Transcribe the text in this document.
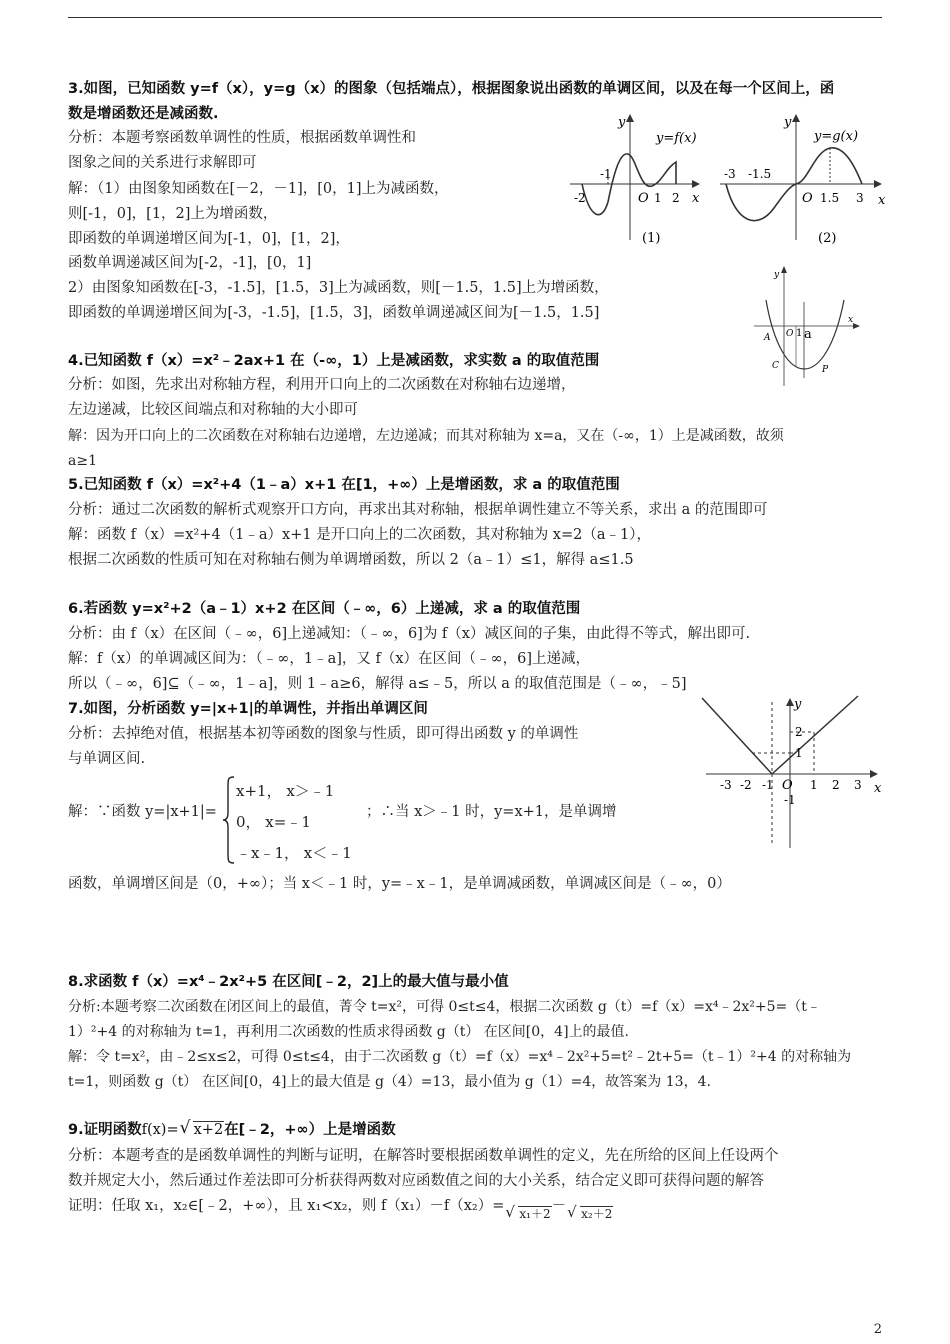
3.如图，已知函数 y=f（x），y=g（x）的图象（包括端点），根据图象说出函数的单调区间，以及在每一个区间上，函
数是增函数还是减函数.
分析：本题考察函数单调性的性质，根据函数单调性和
图象之间的关系进行求解即可
解：（1）由图象知函数在[－2，－1]，[0，1]上为减函数，
则[-1，0]，[1，2]上为增函数，
即函数的单调递增区间为[-1，0]，[1，2]，
函数单调递减区间为[-2，-1]，[0，1]
2）由图象知函数在[-3，-1.5]，[1.5，3]上为减函数，则[－1.5，1.5]上为增函数，
即函数的单调递增区间为[-3，-1.5]，[1.5，3]，函数单调递减区间为[－1.5，1.5]
y
y=f(x)
x
O
-1
-2	1 2
(1)
y
y=g(x)
x
O
-3 -1.5
1.5 3
(2)
y
x
O 1 a
A
C	P
4.已知函数 f（x）=x²﹣2ax+1 在（-∞，1）上是减函数，求实数 a 的取值范围
分析：如图，先求出对称轴方程，利用开口向上的二次函数在对称轴右边递增，
左边递减，比较区间端点和对称轴的大小即可
解：因为开口向上的二次函数在对称轴右边递增，左边递减；而其对称轴为 x=a，又在（-∞，1）上是减函数，故须
a≥1
5.已知函数 f（x）=x²+4（1﹣a）x+1 在[1，+∞）上是增函数，求 a 的取值范围
分析：通过二次函数的解析式观察开口方向，再求出其对称轴，根据单调性建立不等关系，求出 a 的范围即可
解：函数 f（x）=x²+4（1﹣a）x+1 是开口向上的二次函数，其对称轴为 x=2（a﹣1），
根据二次函数的性质可知在对称轴右侧为单调增函数，所以 2（a﹣1）≤1，解得 a≤1.5
6.若函数 y=x²+2（a﹣1）x+2 在区间（﹣∞，6）上递减，求 a 的取值范围
分析：由 f（x）在区间（﹣∞，6]上递减知：（﹣∞，6]为 f（x）减区间的子集，由此得不等式，解出即可.
解：f（x）的单调减区间为：（﹣∞，1﹣a]，又 f（x）在区间（﹣∞，6]上递减，
所以（﹣∞，6]⊆（﹣∞，1﹣a]，则 1﹣a≥6，解得 a≤﹣5，所以 a 的取值范围是（﹣∞，﹣5]
7.如图，分析函数 y=|x+1|的单调性，并指出单调区间
分析：去掉绝对值，根据基本初等函数的图象与性质，即可得出函数 y 的单调性
与单调区间.
解：∵函数 y=|x+1|=
x+1， x＞﹣1
0， x=﹣1
﹣x﹣1， x＜﹣1
；∴当 x＞﹣1 时，y=x+1，是单调增
函数，单调增区间是（0，+∞）；当 x＜﹣1 时，y=﹣x﹣1，是单调减函数，单调减区间是（﹣∞，0）
y
x
O
2
1
-1
-3 -2 -1	1 2 3
8.求函数 f（x）=x⁴﹣2x²+5 在区间[﹣2，2]上的最大值与最小值
分析:本题考察二次函数在闭区间上的最值，菁令 t=x²，可得 0≤t≤4，根据二次函数 g（t）=f（x）=x⁴﹣2x²+5=（t﹣
1）²+4 的对称轴为 t=1，再利用二次函数的性质求得函数 g（t） 在区间[0，4]上的最值.
解：令 t=x²，由﹣2≤x≤2，可得 0≤t≤4，由于二次函数 g（t）=f（x）=x⁴﹣2x²+5=t²﹣2t+5=（t﹣1）²+4 的对称轴为
t=1，则函数 g（t） 在区间[0，4]上的最大值是 g（4）=13，最小值为 g（1）=4，故答案为 13，4.
9.证明函数f(x)= √ x+2在[﹣2，+∞）上是增函数
分析：本题考查的是函数单调性的判断与证明，在解答时要根据函数单调性的定义，先在所给的区间上任设两个
数并规定大小，然后通过作差法即可分析获得两数对应函数值之间的大小关系，结合定义即可获得问题的解答
证明：任取 x₁，x₂∈[﹣2，+∞），且 x₁<x₂，则 f（x₁）－f（x₂）= √ x₁＋2－ √ x₂＋2
2
